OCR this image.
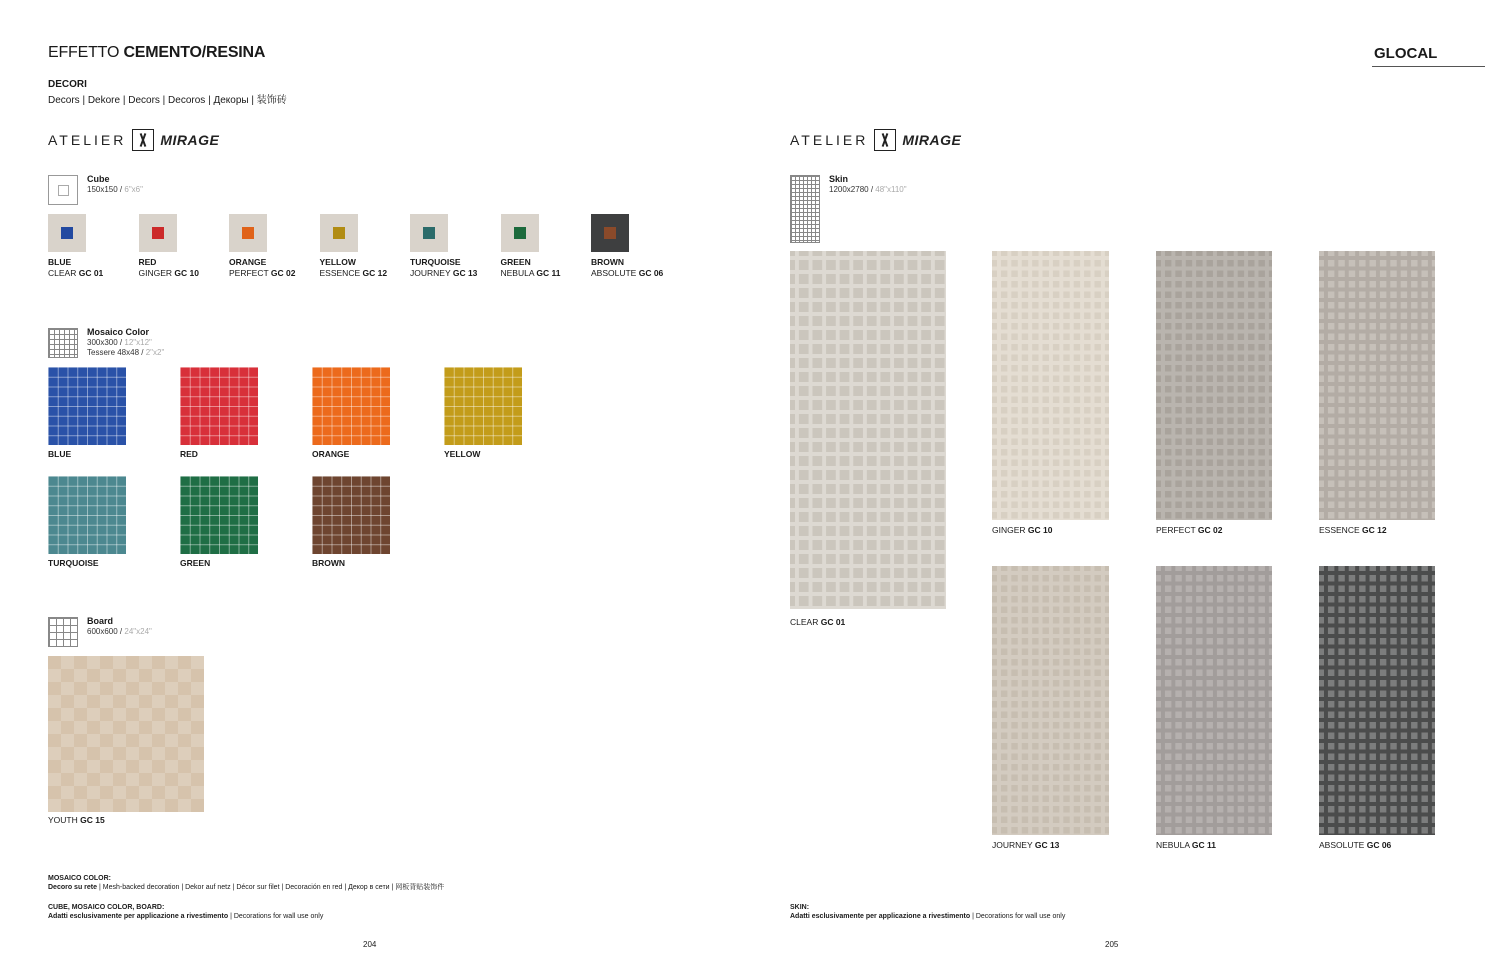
EFFETTO CEMENTO/RESINA	GLOCAL
DECORI
Decors | Dekore | Decors | Decoros | Декоры | 装饰砖
ATELIER MIRAGE	ATELIER MIRAGE
Cube
150x150 / 6"x6"
BLUE
CLEAR GC 01
RED
GINGER GC 10
ORANGE
PERFECT GC 02
YELLOW
ESSENCE GC 12
TURQUOISE
JOURNEY GC 13
GREEN
NEBULA GC 11
BROWN
ABSOLUTE GC 06
Mosaico Color
300x300 / 12"x12"
Tessere 48x48 / 2"x2"
BLUE	RED	ORANGE	YELLOW
TURQUOISE	GREEN	BROWN
Board
600x600 / 24"x24"
YOUTH GC 15
MOSAICO COLOR:
Decoro su rete | Mesh-backed decoration | Dekor auf netz | Décor sur filet | Decoración en red | Декор в сети | 网板背贴装饰件
CUBE, MOSAICO COLOR, BOARD:
Adatti esclusivamente per applicazione a rivestimento | Decorations for wall use only
204
Skin
1200x2780 / 48"x110"
CLEAR GC 01
GINGER GC 10	PERFECT GC 02	ESSENCE GC 12
JOURNEY GC 13	NEBULA GC 11	ABSOLUTE GC 06
SKIN:
Adatti esclusivamente per applicazione a rivestimento | Decorations for wall use only
205
